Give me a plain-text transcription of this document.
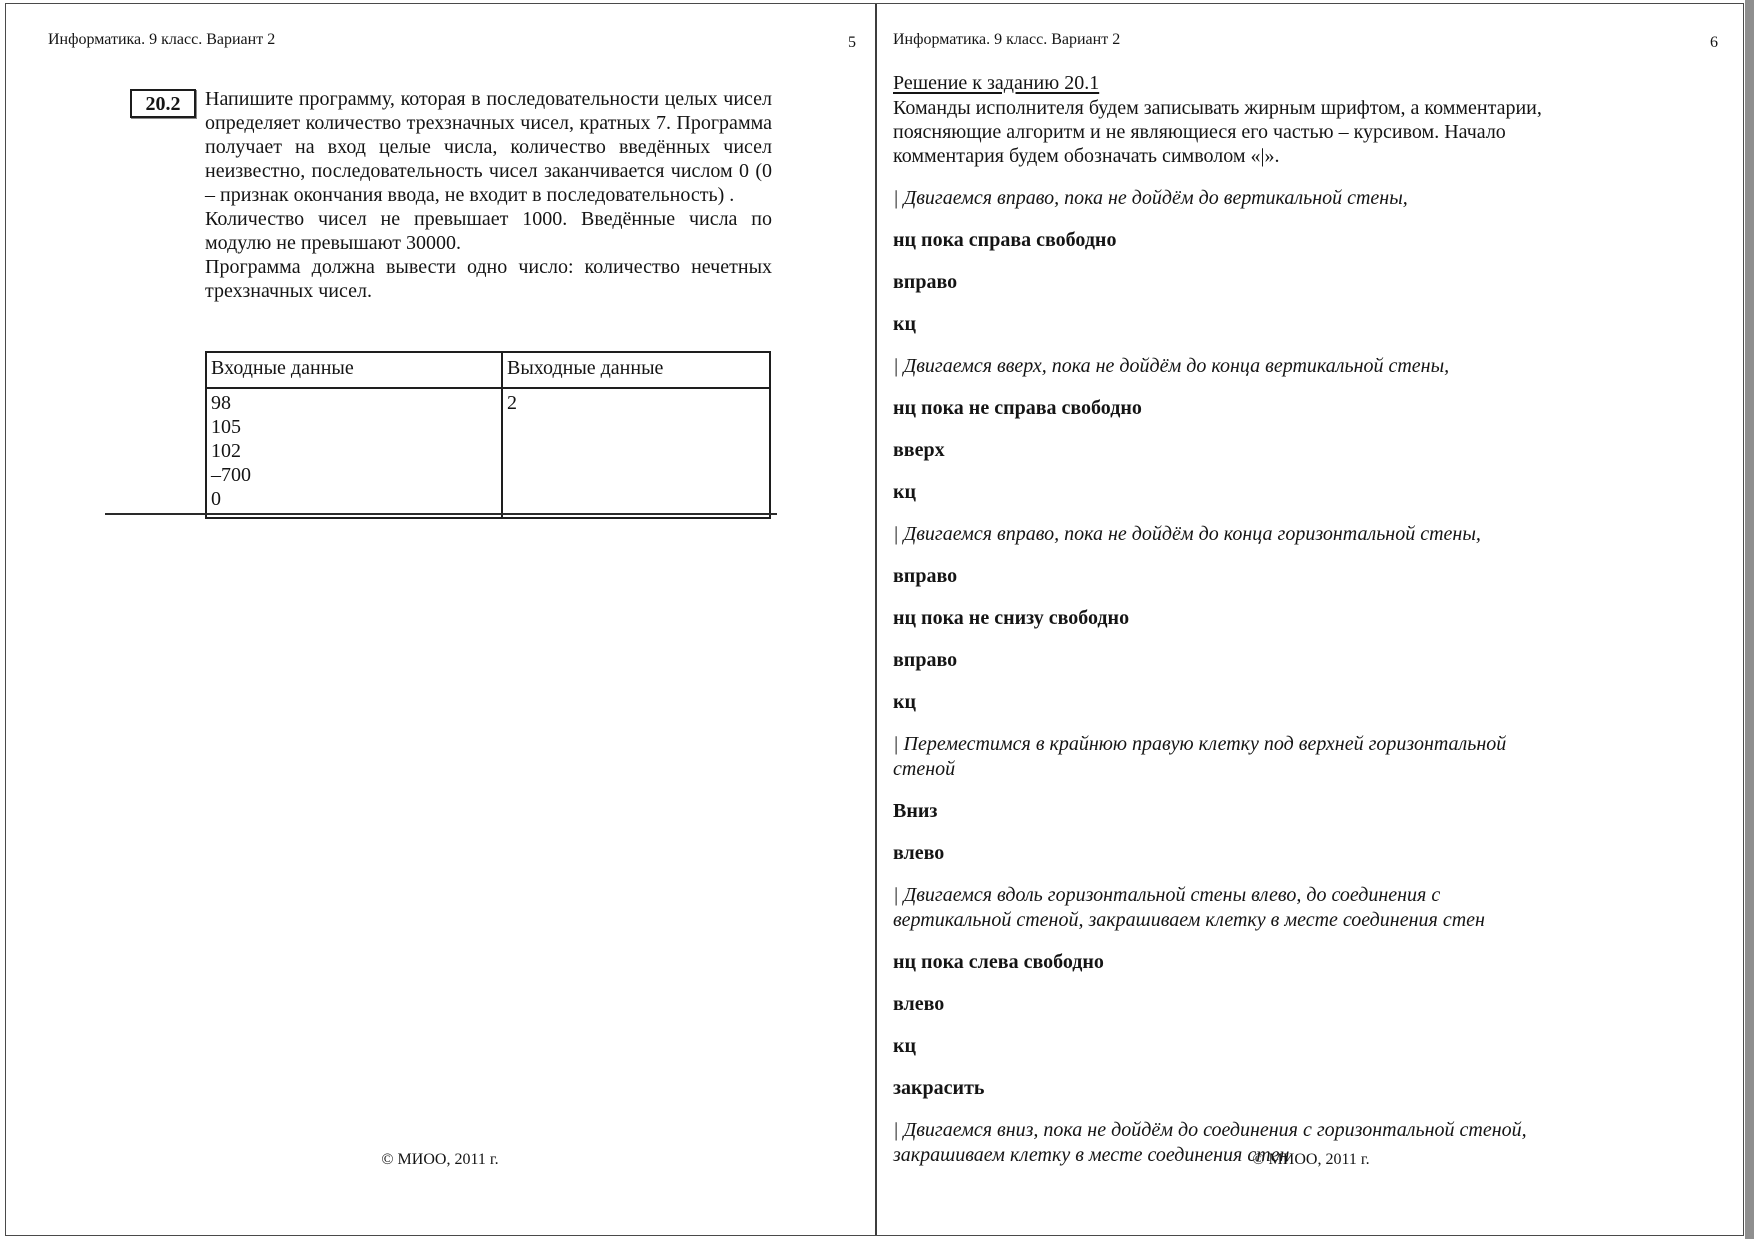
Информатика. 9 класс. Вариант 2	5
20.2	Напишите программу, которая в последовательности целых чисел определяет количество трехзначных чисел, кратных 7. Программа получает на вход целые числа, количество введённых чисел неизвестно, последовательность чисел заканчивается числом 0 (0 – признак окончания ввода, не входит в последовательность) .

Количество чисел не превышает 1000. Введённые числа по модулю не превышают 30000.

Программа должна вывести одно число: количество нечетных трехзначных чисел.

Входные данные	Выходные данные

98
105
102
–700
0	2
© МИОО, 2011 г.
Информатика. 9 класс. Вариант 2	6

Решение к заданию 20.1

Команды исполнителя будем записывать жирным шрифтом, а комментарии, поясняющие алгоритм и не являющиеся его частью – курсивом. Начало комментария будем обозначать символом «|».

| Двигаемся вправо, пока не дойдём до вертикальной стены,

нц пока справа свободно

вправо

кц

| Двигаемся вверх, пока не дойдём до конца вертикальной стены,

нц пока не справа свободно

вверх

кц

| Двигаемся вправо, пока не дойдём до конца горизонтальной стены,

вправо

нц пока не снизу свободно

вправо

кц

| Переместимся в крайнюю правую клетку под верхней горизонтальной стеной

Вниз

влево

| Двигаемся вдоль горизонтальной стены влево, до соединения с вертикальной стеной, закрашиваем клетку в месте соединения стен

нц пока слева свободно

влево

кц

закрасить

| Двигаемся вниз, пока не дойдём до соединения с горизонтальной стеной, закрашиваем клетку в месте соединения стен

© МИОО, 2011 г.
